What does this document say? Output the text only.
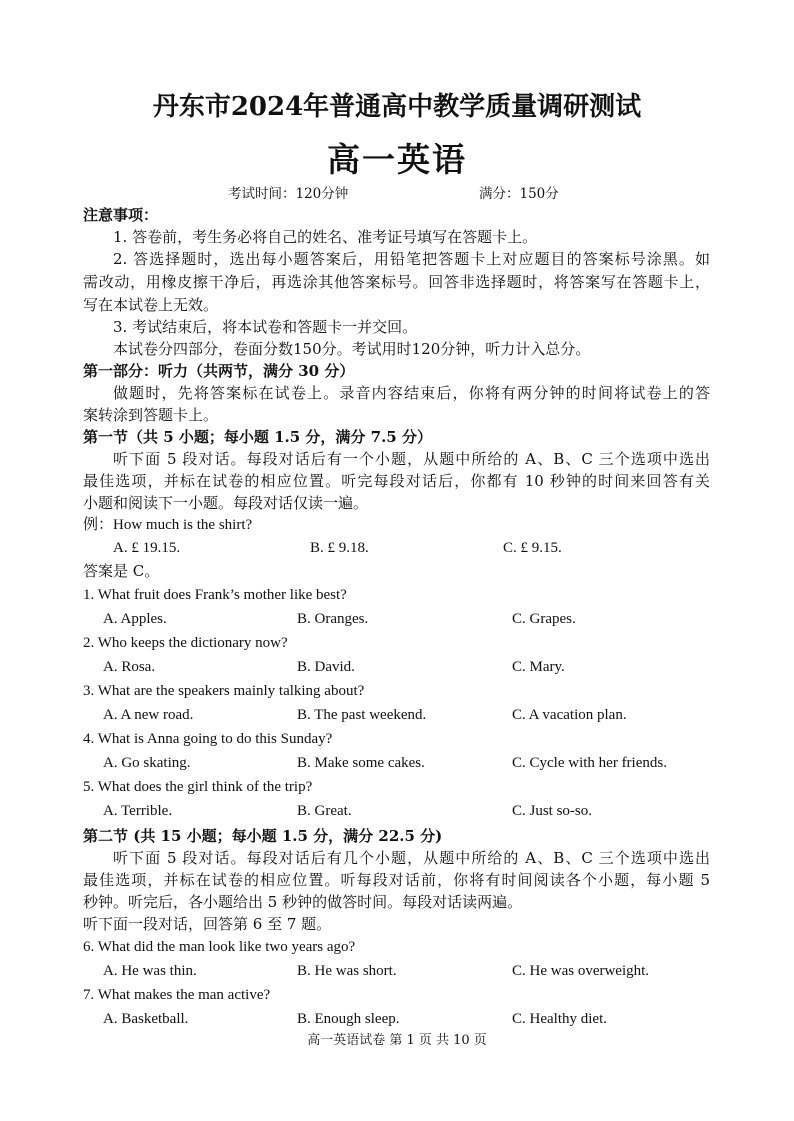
丹东市2024年普通高中教学质量调研测试
高一英语
考试时间：120分钟	满分：150分
注意事项：
1. 答卷前，考生务必将自己的姓名、准考证号填写在答题卡上。
2. 答选择题时，选出每小题答案后，用铅笔把答题卡上对应题目的答案标号涂黑。如
需改动，用橡皮擦干净后，再选涂其他答案标号。回答非选择题时，将答案写在答题卡上，
写在本试卷上无效。
3. 考试结束后，将本试卷和答题卡一并交回。
本试卷分四部分，卷面分数150分。考试用时120分钟，听力计入总分。
第一部分：听力（共两节，满分 30 分）
做题时，先将答案标在试卷上。录音内容结束后，你将有两分钟的时间将试卷上的答
案转涂到答题卡上。
第一节（共 5 小题；每小题 1.5 分，满分 7.5 分）
听下面 5 段对话。每段对话后有一个小题，从题中所给的 A、B、C 三个选项中选出
最佳选项，并标在试卷的相应位置。听完每段对话后，你都有 10 秒钟的时间来回答有关
小题和阅读下一小题。每段对话仅读一遍。
例：How much is the shirt?
A. £ 19.15.	B. £ 9.18.	C. £ 9.15.
答案是 C。
1. What fruit does Frank’s mother like best?
A. Apples.	B. Oranges.	C. Grapes.
2. Who keeps the dictionary now?
A. Rosa.	B. David.	C. Mary.
3. What are the speakers mainly talking about?
A. A new road.	B. The past weekend.	C. A vacation plan.
4. What is Anna going to do this Sunday?
A. Go skating.	B. Make some cakes.	C. Cycle with her friends.
5. What does the girl think of the trip?
A. Terrible.	B. Great.	C. Just so-so.
第二节 (共 15 小题；每小题 1.5 分，满分 22.5 分)
听下面 5 段对话。每段对话后有几个小题，从题中所给的 A、B、C 三个选项中选出
最佳选项，并标在试卷的相应位置。听每段对话前，你将有时间阅读各个小题，每小题 5
秒钟。听完后，各小题给出 5 秒钟的做答时间。每段对话读两遍。
听下面一段对话，回答第 6 至 7 题。
6. What did the man look like two years ago?
A. He was thin.	B. He was short.	C. He was overweight.
7. What makes the man active?
A. Basketball.	B. Enough sleep.	C. Healthy diet.
高一英语试卷 第 1 页 共 10 页
